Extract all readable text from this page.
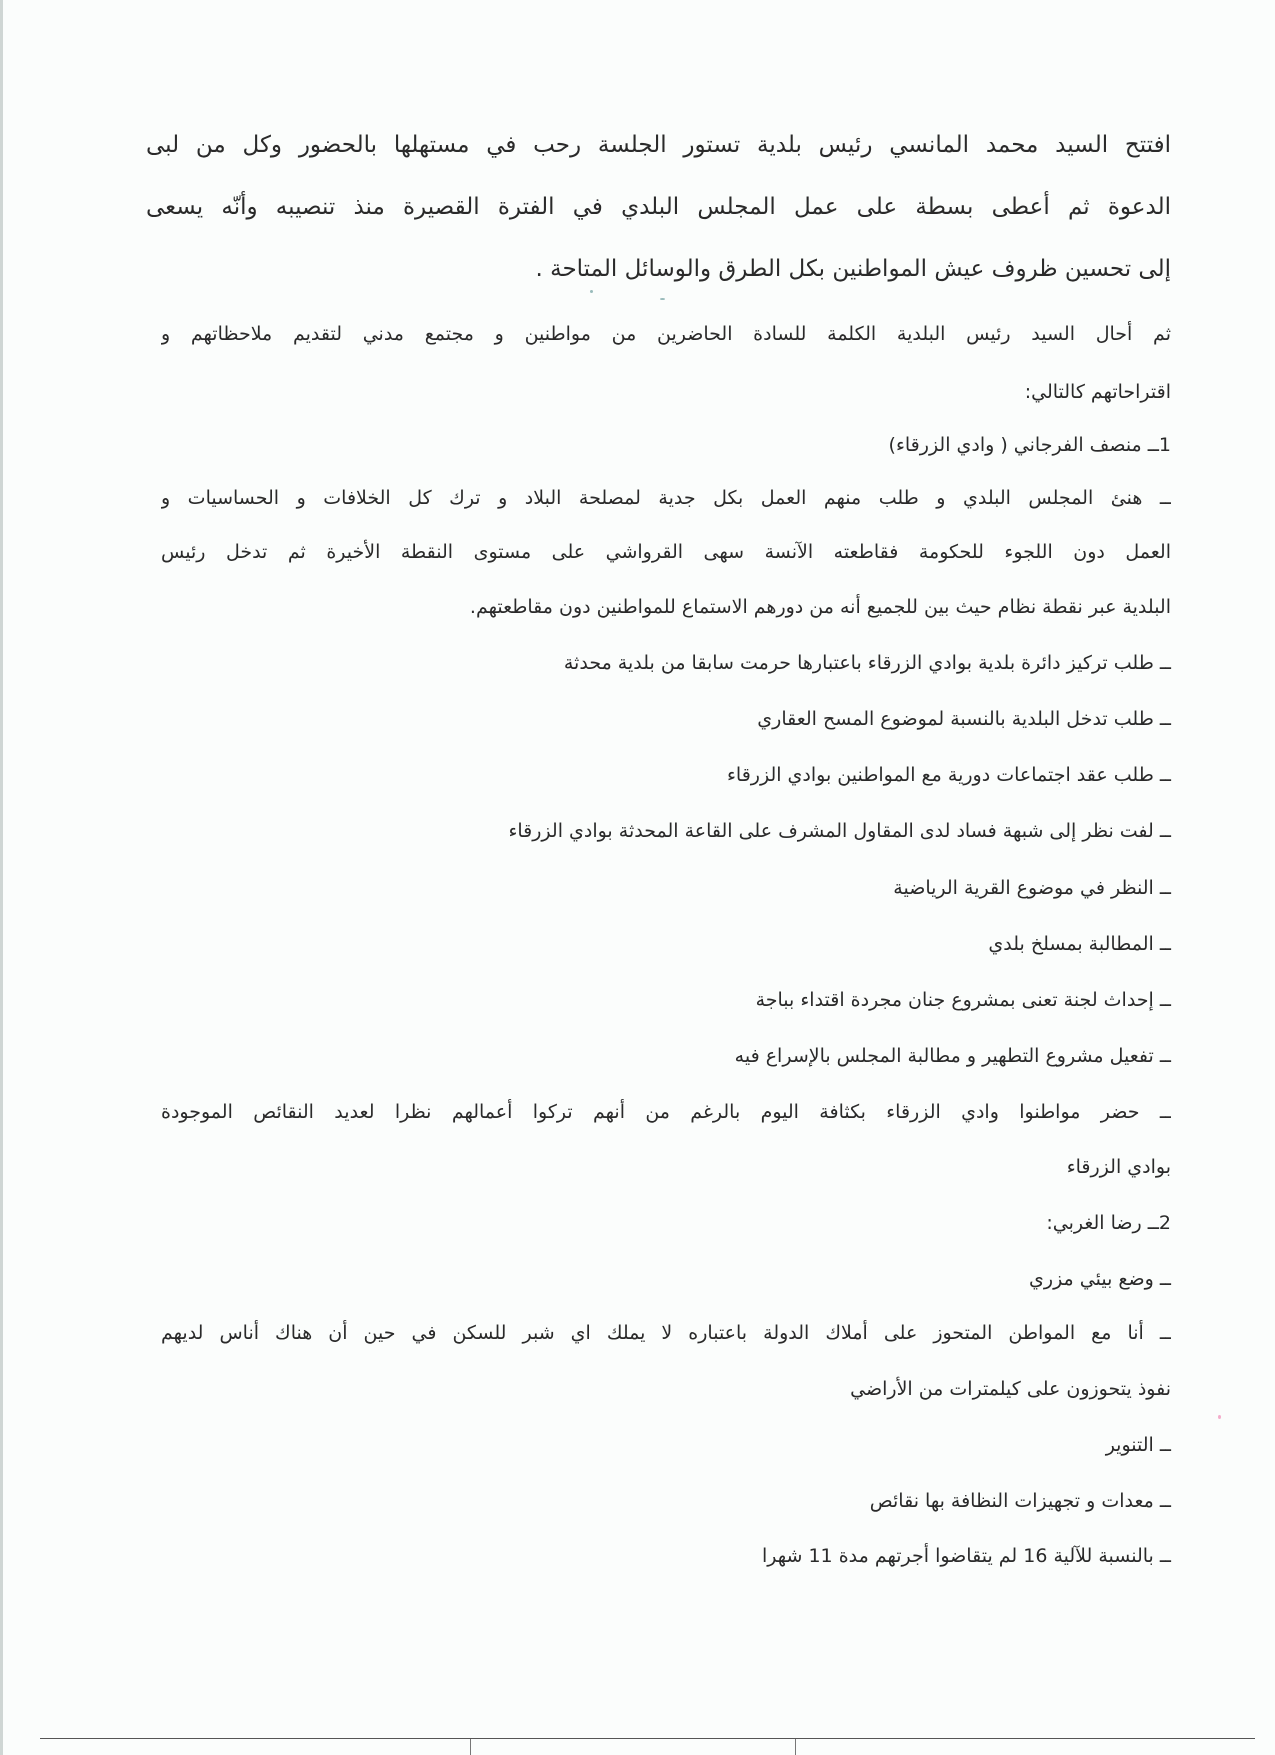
افتتح السيد محمد المانسي رئيس بلدية تستور الجلسة رحب في مستهلها بالحضور وكل من لبى
الدعوة ثم أعطى بسطة على عمل المجلس البلدي في الفترة القصيرة منذ تنصيبه وأنّه يسعى
إلى تحسين ظروف عيش المواطنين بكل الطرق والوسائل المتاحة .
ثم أحال السيد رئيس البلدية الكلمة للسادة الحاضرين من مواطنين و مجتمع مدني لتقديم ملاحظاتهم و
اقتراحاتهم كالتالي:
1ــ منصف الفرجاني ( وادي الزرقاء)
ــ هنئ المجلس البلدي و طلب منهم العمل بكل جدية لمصلحة البلاد و ترك كل الخلافات و الحساسيات و
العمل دون اللجوء للحكومة فقاطعته الآنسة سهى القرواشي على مستوى النقطة الأخيرة ثم تدخل رئيس
البلدية عبر نقطة نظام حيث بين للجميع أنه من دورهم الاستماع للمواطنين دون مقاطعتهم.
ــ طلب تركيز دائرة بلدية بوادي الزرقاء باعتبارها حرمت سابقا من بلدية محدثة
ــ طلب تدخل البلدية بالنسبة لموضوع المسح العقاري
ــ طلب عقد اجتماعات دورية مع المواطنين بوادي الزرقاء
ــ لفت نظر إلى شبهة فساد لدى المقاول المشرف على القاعة المحدثة بوادي الزرقاء
ــ النظر في موضوع القرية الرياضية
ــ المطالبة بمسلخ بلدي
ــ إحداث لجنة تعنى بمشروع جنان مجردة اقتداء بباجة
ــ تفعيل مشروع التطهير و مطالبة المجلس بالإسراع فيه
ــ حضر مواطنوا وادي الزرقاء بكثافة اليوم بالرغم من أنهم تركوا أعمالهم نظرا لعديد النقائص الموجودة
بوادي الزرقاء
2ــ رضا الغربي:
ــ وضع بيئي مزري
ــ أنا مع المواطن المتحوز على أملاك الدولة باعتباره لا يملك اي شبر للسكن في حين أن هناك أناس لديهم
نفوذ يتحوزون على كيلمترات من الأراضي
ــ التنوير
ــ معدات و تجهيزات النظافة بها نقائص
ــ بالنسبة للآلية 16 لم يتقاضوا أجرتهم مدة 11 شهرا
